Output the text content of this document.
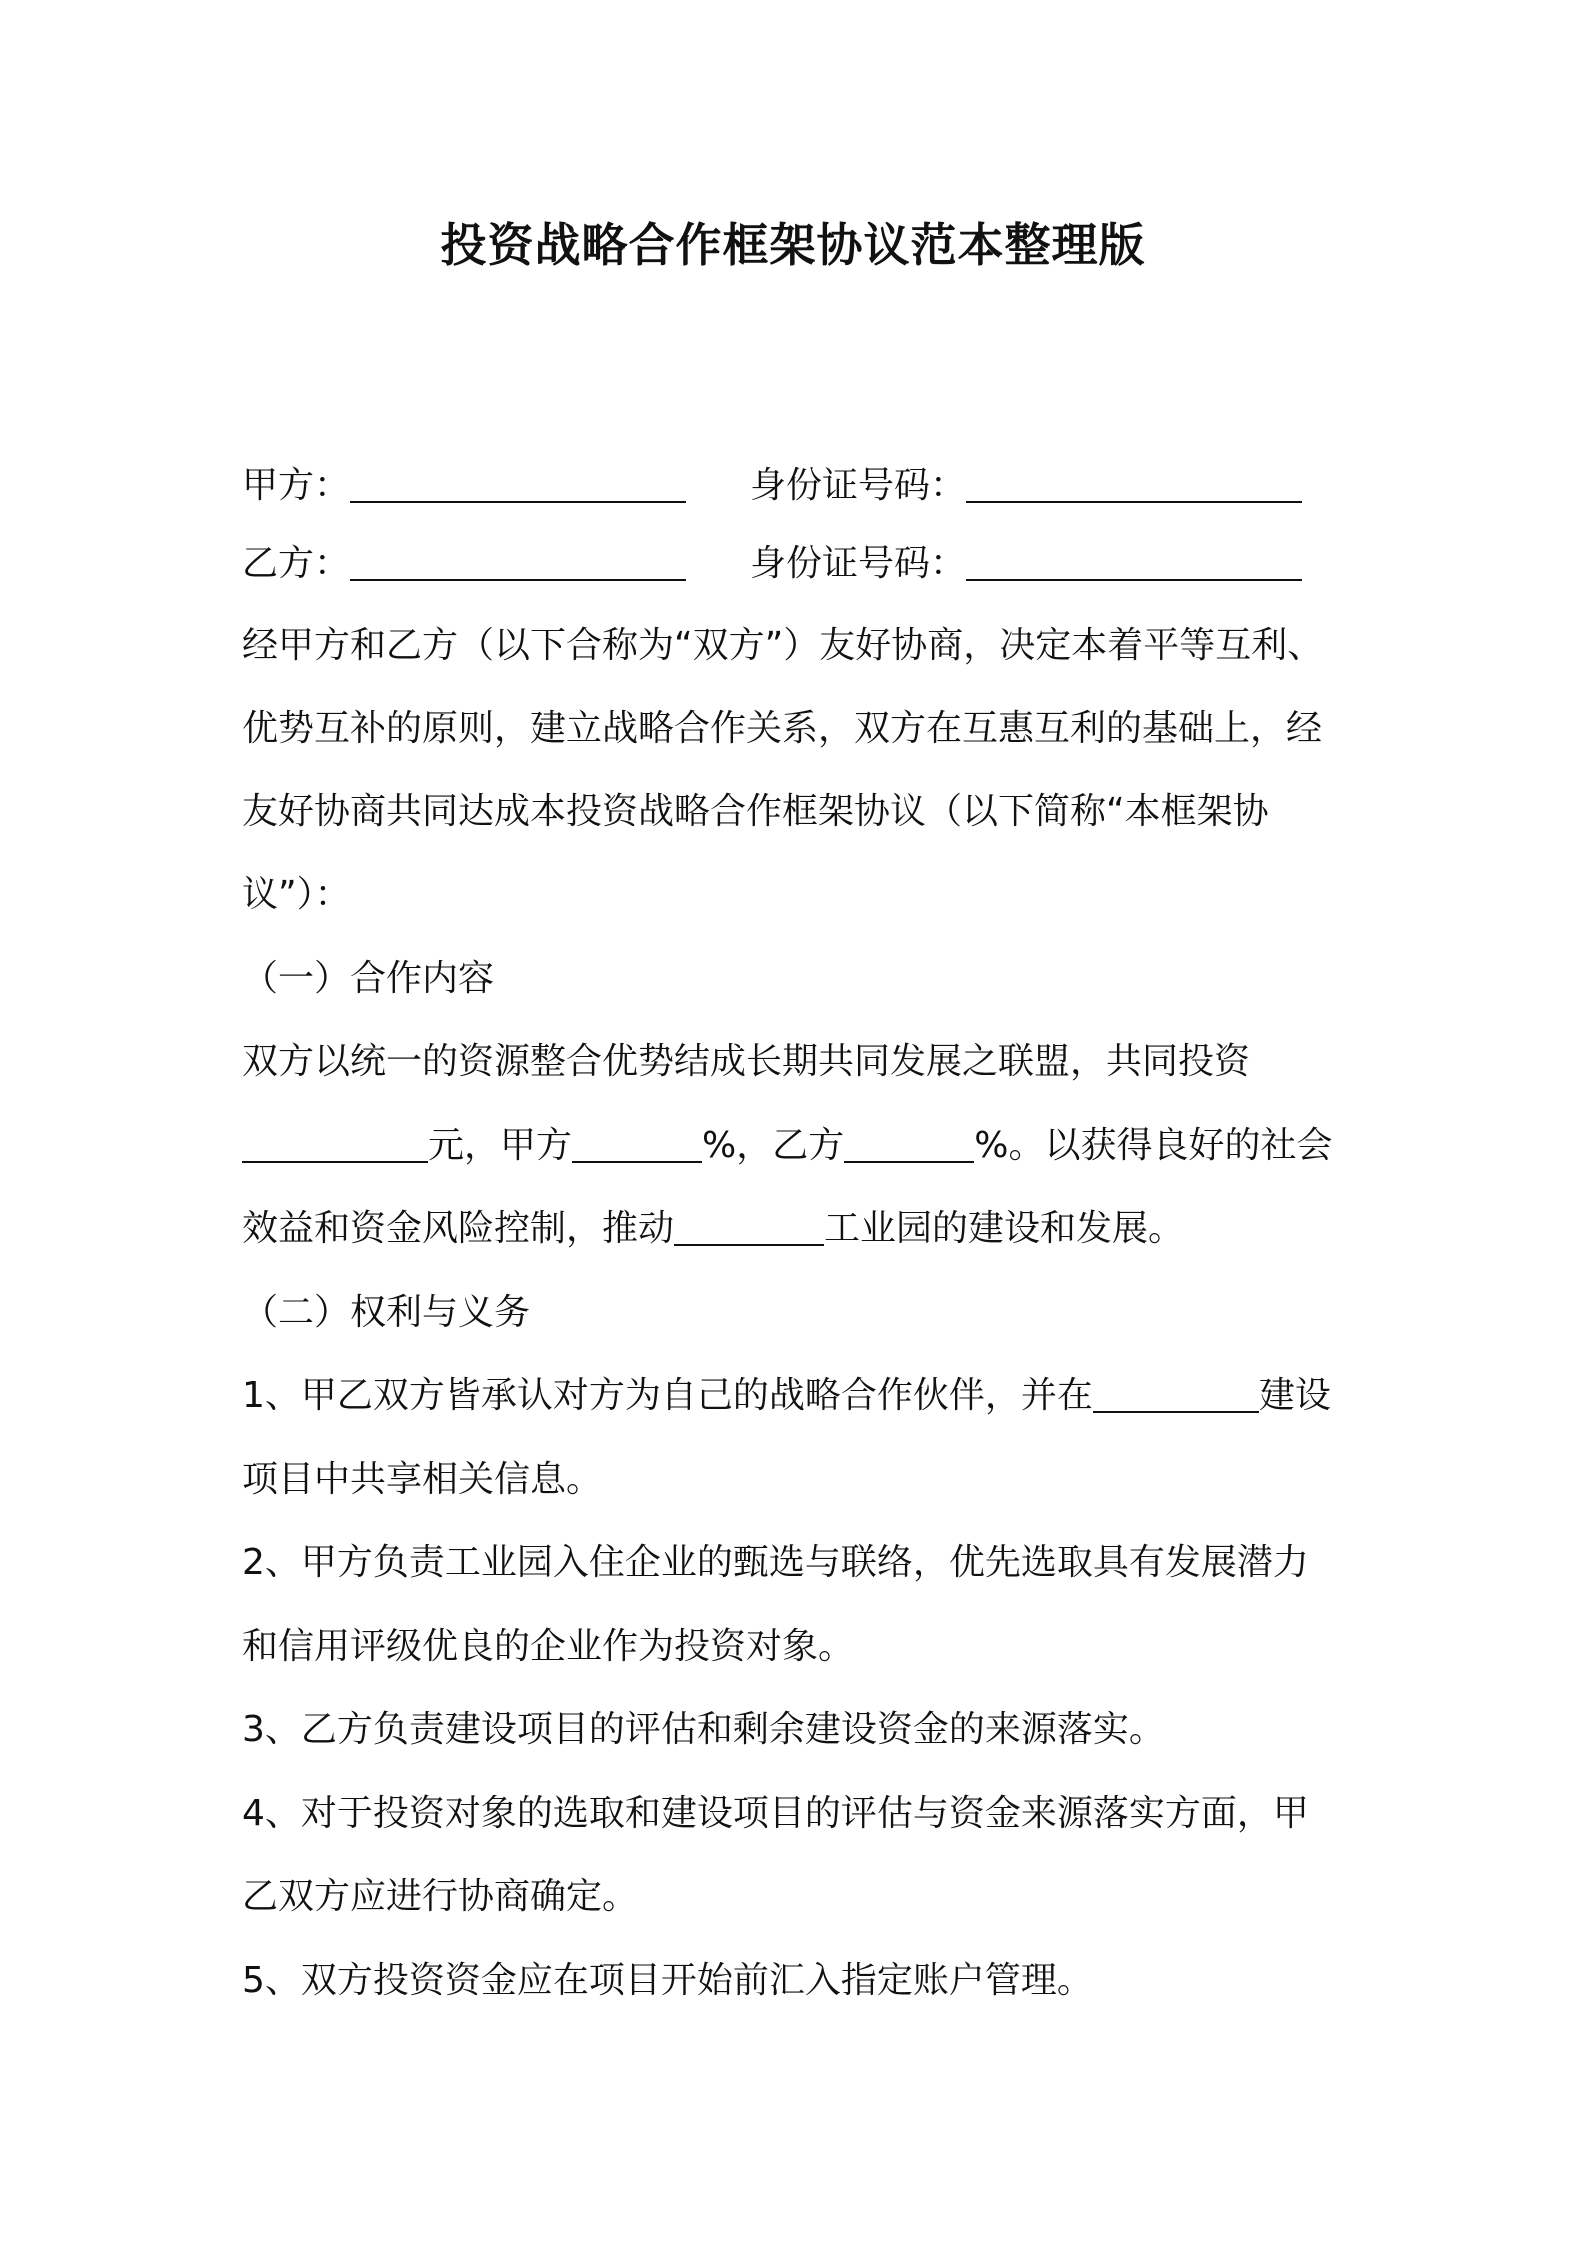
投资战略合作框架协议范本整理版
甲方：	身份证号码：
乙方：	身份证号码：
经甲方和乙方（以下合称为“双方”）友好协商，决定本着平等互利、
优势互补的原则，建立战略合作关系，双方在互惠互利的基础上，经
友好协商共同达成本投资战略合作框架协议（以下简称“本框架协
议”）：
（一）合作内容
双方以统一的资源整合优势结成长期共同发展之联盟，共同投资
元，甲方	%，乙方	%。以获得良好的社会
效益和资金风险控制，推动	工业园的建设和发展。
（二）权利与义务
1、甲乙双方皆承认对方为自己的战略合作伙伴，并在	建设
项目中共享相关信息。
2、甲方负责工业园入住企业的甄选与联络，优先选取具有发展潜力
和信用评级优良的企业作为投资对象。
3、乙方负责建设项目的评估和剩余建设资金的来源落实。
4、对于投资对象的选取和建设项目的评估与资金来源落实方面，甲
乙双方应进行协商确定。
5、双方投资资金应在项目开始前汇入指定账户管理。
